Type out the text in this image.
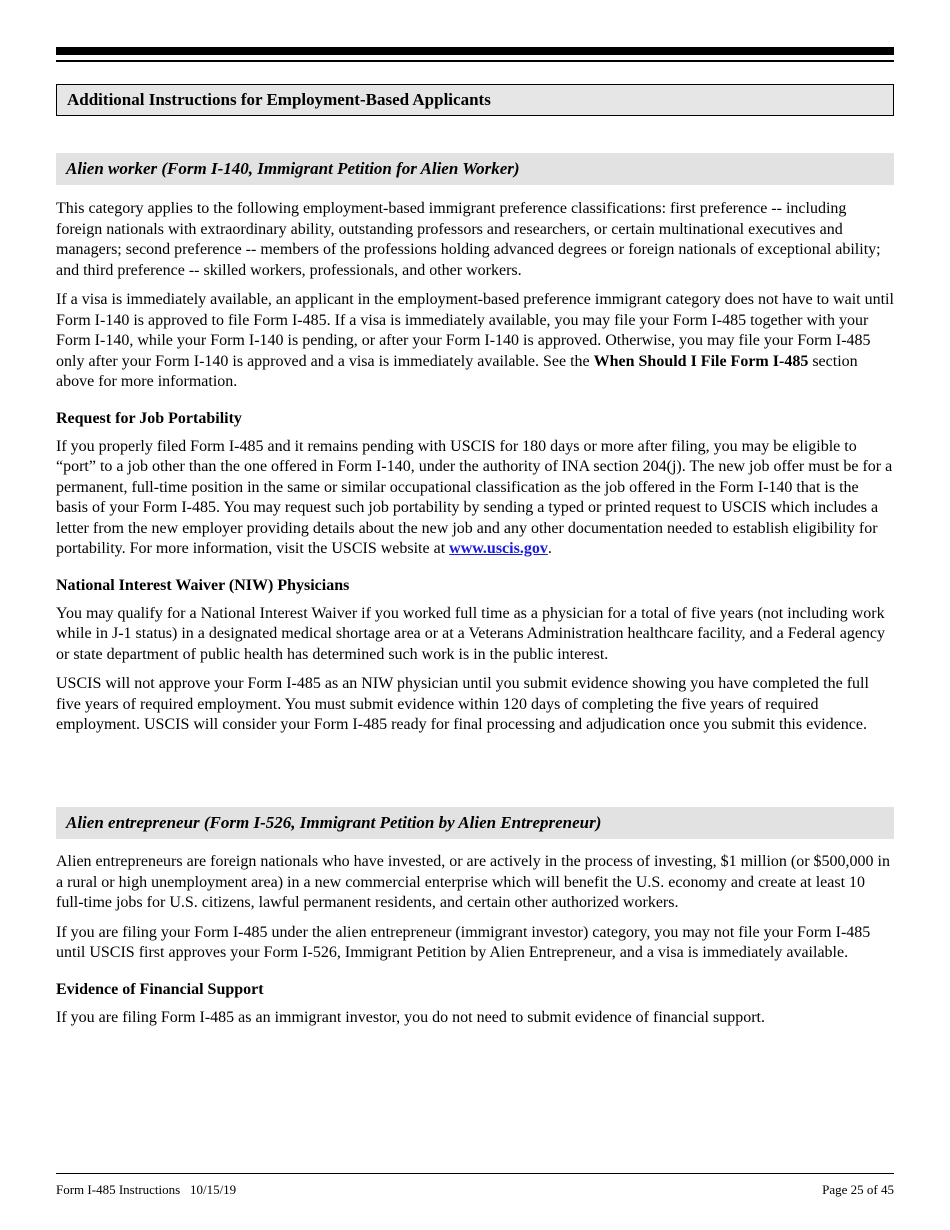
Additional Instructions for Employment-Based Applicants
Alien worker (Form I-140, Immigrant Petition for Alien Worker)

This category applies to the following employment-based immigrant preference classifications: first preference -- including foreign nationals with extraordinary ability, outstanding professors and researchers, or certain multinational executives and managers; second preference -- members of the professions holding advanced degrees or foreign nationals of exceptional ability; and third preference -- skilled workers, professionals, and other workers.

If a visa is immediately available, an applicant in the employment-based preference immigrant category does not have to wait until Form I-140 is approved to file Form I-485. If a visa is immediately available, you may file your Form I-485 together with your Form I-140, while your Form I-140 is pending, or after your Form I-140 is approved. Otherwise, you may file your Form I-485 only after your Form I-140 is approved and a visa is immediately available. See the When Should I File Form I-485 section above for more information.

Request for Job Portability

If you properly filed Form I-485 and it remains pending with USCIS for 180 days or more after filing, you may be eligible to “port” to a job other than the one offered in Form I-140, under the authority of INA section 204(j). The new job offer must be for a permanent, full-time position in the same or similar occupational classification as the job offered in the Form I-140 that is the basis of your Form I-485. You may request such job portability by sending a typed or printed request to USCIS which includes a letter from the new employer providing details about the new job and any other documentation needed to establish eligibility for portability. For more information, visit the USCIS website at www.uscis.gov.

National Interest Waiver (NIW) Physicians

You may qualify for a National Interest Waiver if you worked full time as a physician for a total of five years (not including work while in J-1 status) in a designated medical shortage area or at a Veterans Administration healthcare facility, and a Federal agency or state department of public health has determined such work is in the public interest.

USCIS will not approve your Form I-485 as an NIW physician until you submit evidence showing you have completed the full five years of required employment. You must submit evidence within 120 days of completing the five years of required employment. USCIS will consider your Form I-485 ready for final processing and adjudication once you submit this evidence.

Alien entrepreneur (Form I-526, Immigrant Petition by Alien Entrepreneur)

Alien entrepreneurs are foreign nationals who have invested, or are actively in the process of investing, $1 million (or $500,000 in a rural or high unemployment area) in a new commercial enterprise which will benefit the U.S. economy and create at least 10 full-time jobs for U.S. citizens, lawful permanent residents, and certain other authorized workers.

If you are filing your Form I-485 under the alien entrepreneur (immigrant investor) category, you may not file your Form I-485 until USCIS first approves your Form I-526, Immigrant Petition by Alien Entrepreneur, and a visa is immediately available.

Evidence of Financial Support

If you are filing Form I-485 as an immigrant investor, you do not need to submit evidence of financial support.

Form I-485 Instructions   10/15/19	Page 25 of 45
